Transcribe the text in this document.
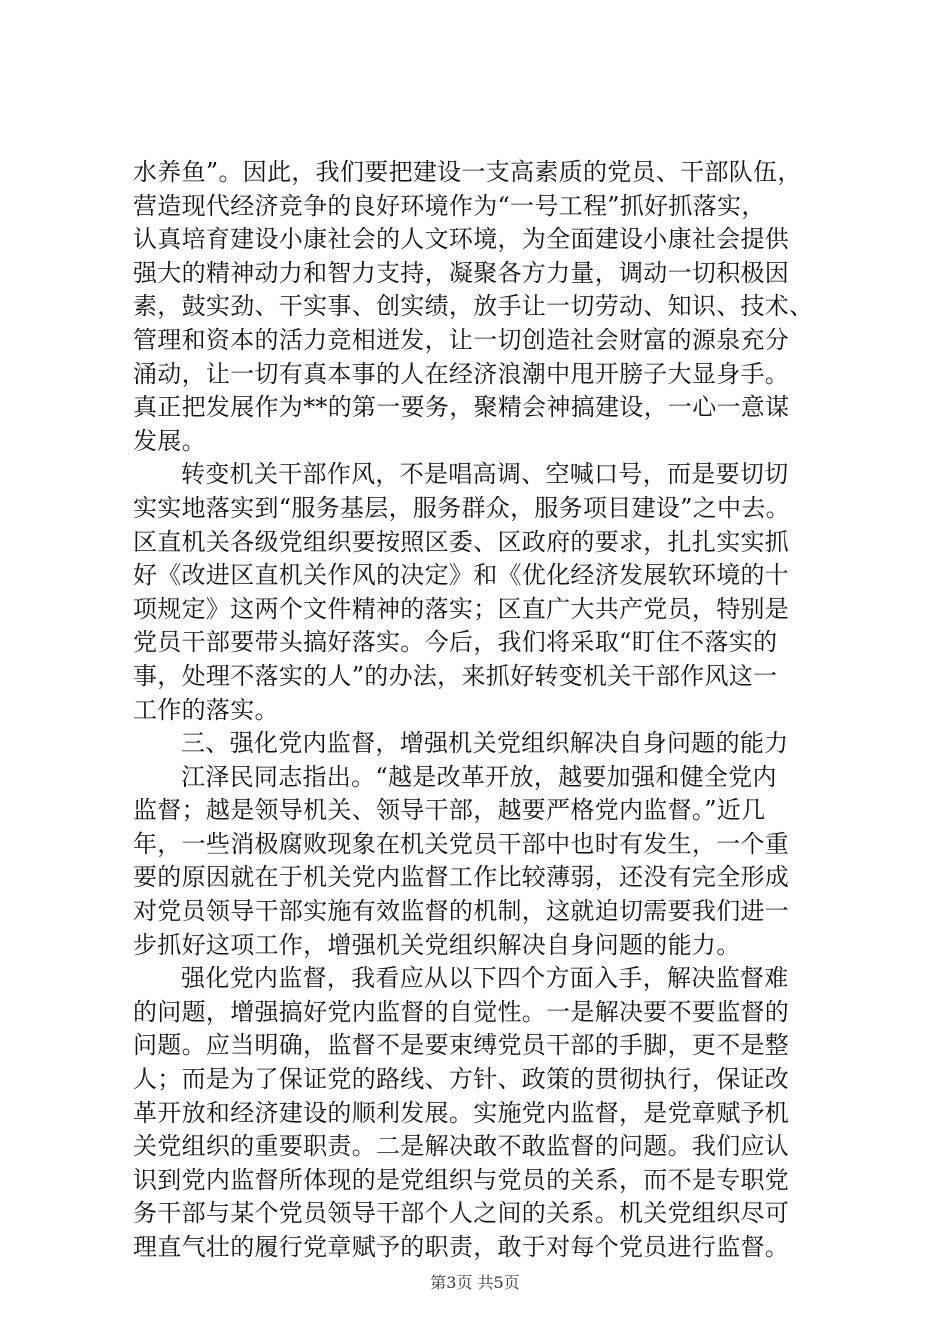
水养鱼”。因此，我们要把建设一支高素质的党员、干部队伍，
营造现代经济竞争的良好环境作为“一号工程”抓好抓落实，
认真培育建设小康社会的人文环境，为全面建设小康社会提供
强大的精神动力和智力支持，凝聚各方力量，调动一切积极因
素，鼓实劲、干实事、创实绩，放手让一切劳动、知识、技术、
管理和资本的活力竞相迸发，让一切创造社会财富的源泉充分
涌动，让一切有真本事的人在经济浪潮中甩开膀子大显身手。
真正把发展作为**的第一要务，聚精会神搞建设，一心一意谋
发展。
转变机关干部作风，不是唱高调、空喊口号，而是要切切
实实地落实到“服务基层，服务群众，服务项目建设”之中去。
区直机关各级党组织要按照区委、区政府的要求，扎扎实实抓
好《改进区直机关作风的决定》和《优化经济发展软环境的十
项规定》这两个文件精神的落实；区直广大共产党员，特别是
党员干部要带头搞好落实。今后，我们将采取“盯住不落实的
事，处理不落实的人”的办法，来抓好转变机关干部作风这一
工作的落实。
三、强化党内监督，增强机关党组织解决自身问题的能力
江泽民同志指出。“越是改革开放，越要加强和健全党内
监督；越是领导机关、领导干部，越要严格党内监督。”近几
年，一些消极腐败现象在机关党员干部中也时有发生，一个重
要的原因就在于机关党内监督工作比较薄弱，还没有完全形成
对党员领导干部实施有效监督的机制，这就迫切需要我们进一
步抓好这项工作，增强机关党组织解决自身问题的能力。
强化党内监督，我看应从以下四个方面入手，解决监督难
的问题，增强搞好党内监督的自觉性。一是解决要不要监督的
问题。应当明确，监督不是要束缚党员干部的手脚，更不是整
人；而是为了保证党的路线、方针、政策的贯彻执行，保证改
革开放和经济建设的顺利发展。实施党内监督，是党章赋予机
关党组织的重要职责。二是解决敢不敢监督的问题。我们应认
识到党内监督所体现的是党组织与党员的关系，而不是专职党
务干部与某个党员领导干部个人之间的关系。机关党组织尽可
理直气壮的履行党章赋予的职责，敢于对每个党员进行监督。
第3页 共5页
